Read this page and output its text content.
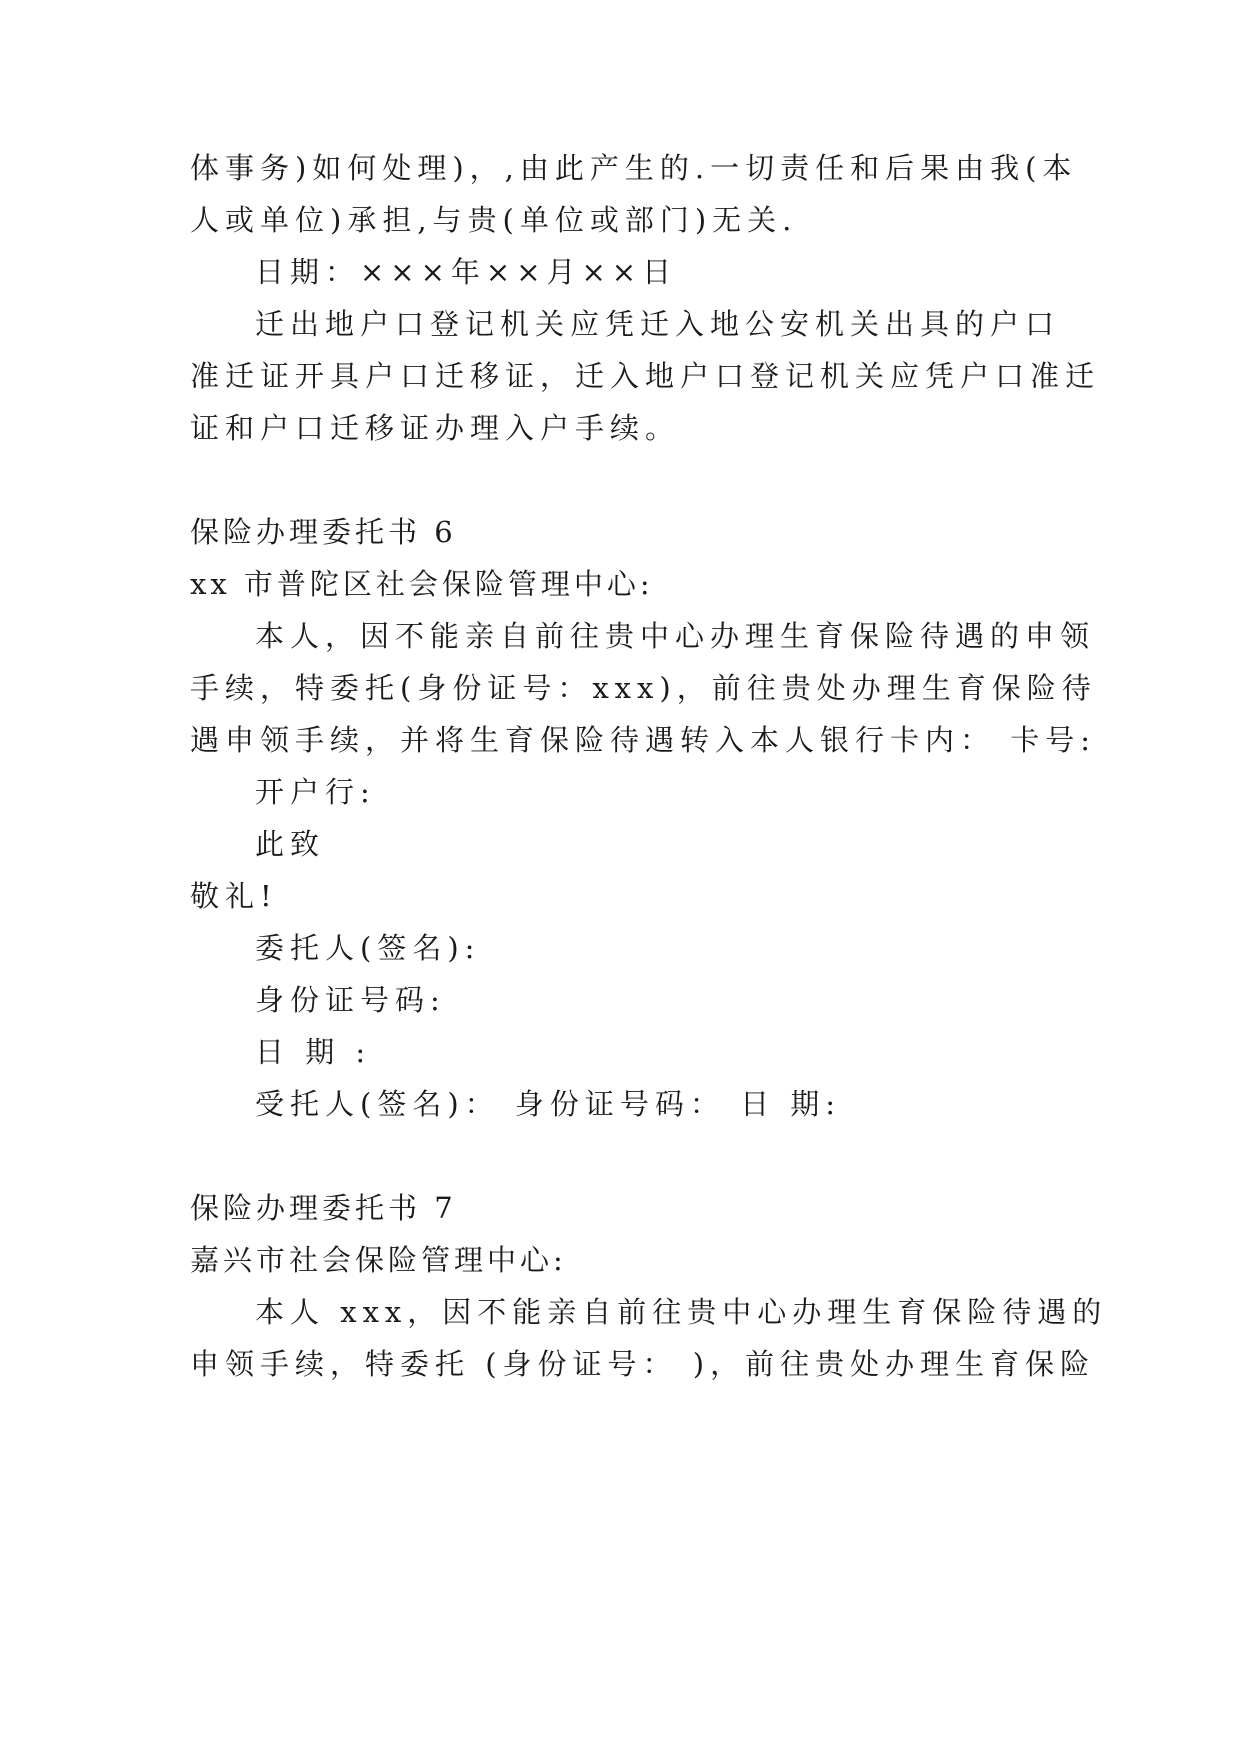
体事务)如何处理)，,由此产生的.一切责任和后果由我(本
人或单位)承担,与贵(单位或部门)无关.
日期：×××年××月××日
迁出地户口登记机关应凭迁入地公安机关出具的户口
准迁证开具户口迁移证，迁入地户口登记机关应凭户口准迁
证和户口迁移证办理入户手续。
保险办理委托书 6
xx 市普陀区社会保险管理中心:
本人，因不能亲自前往贵中心办理生育保险待遇的申领
手续，特委托(身份证号：xxx)，前往贵处办理生育保险待
遇申领手续，并将生育保险待遇转入本人银行卡内： 卡号:
开户行:
此致
敬礼!
委托人(签名):
身份证号码:
日 期 :
受托人(签名)： 身份证号码： 日 期:
保险办理委托书 7
嘉兴市社会保险管理中心:
本人 xxx，因不能亲自前往贵中心办理生育保险待遇的
申领手续，特委托 (身份证号： )，前往贵处办理生育保险
